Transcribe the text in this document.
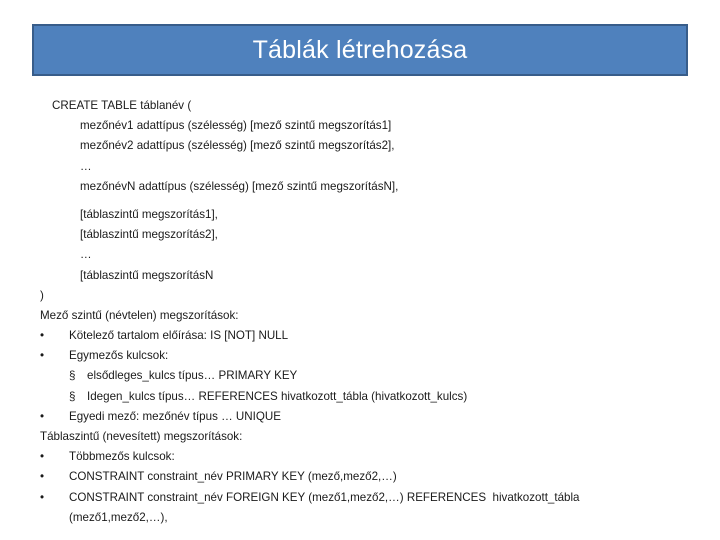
Táblák létrehozása
CREATE TABLE táblanév (
mezőnév1 adattípus (szélesség) [mező szintű megszorítás1]
mezőnév2 adattípus (szélesség) [mező szintű megszorítás2],
…
mezőnévN adattípus (szélesség) [mező szintű megszorításN],
[táblaszintű megszorítás1],
[táblaszintű megszorítás2],
…
[táblaszintű megszorításN
)
Mező szintű (névtelen) megszorítások:
•	Kötelező tartalom előírása: IS [NOT] NULL
•	Egymezős kulcsok:
§ elsődleges_kulcs típus… PRIMARY KEY
§ Idegen_kulcs típus… REFERENCES hivatkozott_tábla (hivatkozott_kulcs)
•	Egyedi mező: mezőnév típus … UNIQUE
Táblaszintű (nevesített) megszorítások:
•	Többmezős kulcsok:
•	CONSTRAINT constraint_név PRIMARY KEY (mező,mező2,…)
•	CONSTRAINT constraint_név FOREIGN KEY (mező1,mező2,…) REFERENCES  hivatkozott_tábla
(mező1,mező2,…),
